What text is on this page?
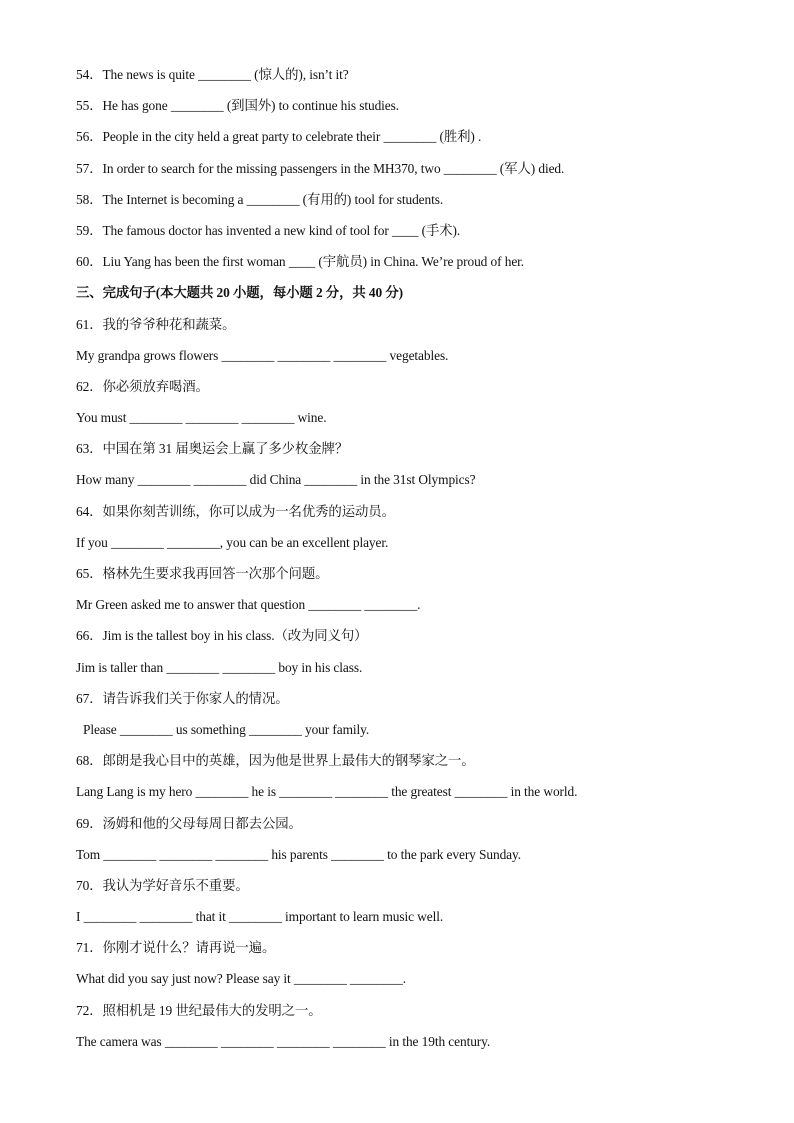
54．The news is quite ________ (惊人的), isn’t it?
55．He has gone ________ (到国外) to continue his studies.
56．People in the city held a great party to celebrate their ________ (胜利) .
57．In order to search for the missing passengers in the MH370, two ________ (军人) died.
58．The Internet is becoming a ________ (有用的) tool for students.
59．The famous doctor has invented a new kind of tool for ____ (手术).
60．Liu Yang has been the first woman ____ (宇航员) in China. We’re proud of her.
三、完成句子(本大题共 20 小题，每小题 2 分，共 40 分)
61．我的爷爷种花和蔬菜。
My grandpa grows flowers ________ ________ ________ vegetables.
62．你必须放弃喝酒。
You must ________ ________ ________ wine.
63．中国在第 31 届奥运会上赢了多少枚金牌？
How many ________ ________ did China ________ in the 31st Olympics?
64．如果你刻苦训练，你可以成为一名优秀的运动员。
If you ________ ________, you can be an excellent player.
65．格林先生要求我再回答一次那个问题。
Mr Green asked me to answer that question ________ ________.
66．Jim is the tallest boy in his class.（改为同义句）
Jim is taller than ________ ________ boy in his class.
67．请告诉我们关于你家人的情况。
Please ________ us something ________ your family.
68．郎朗是我心目中的英雄，因为他是世界上最伟大的钢琴家之一。
Lang Lang is my hero ________ he is ________ ________ the greatest ________ in the world.
69．汤姆和他的父母每周日都去公园。
Tom ________ ________ ________ his parents ________ to the park every Sunday.
70．我认为学好音乐不重要。
I ________ ________ that it ________ important to learn music well.
71．你刚才说什么？请再说一遍。
What did you say just now? Please say it ________ ________.
72．照相机是 19 世纪最伟大的发明之一。
The camera was ________ ________ ________ ________ in the 19th century.
